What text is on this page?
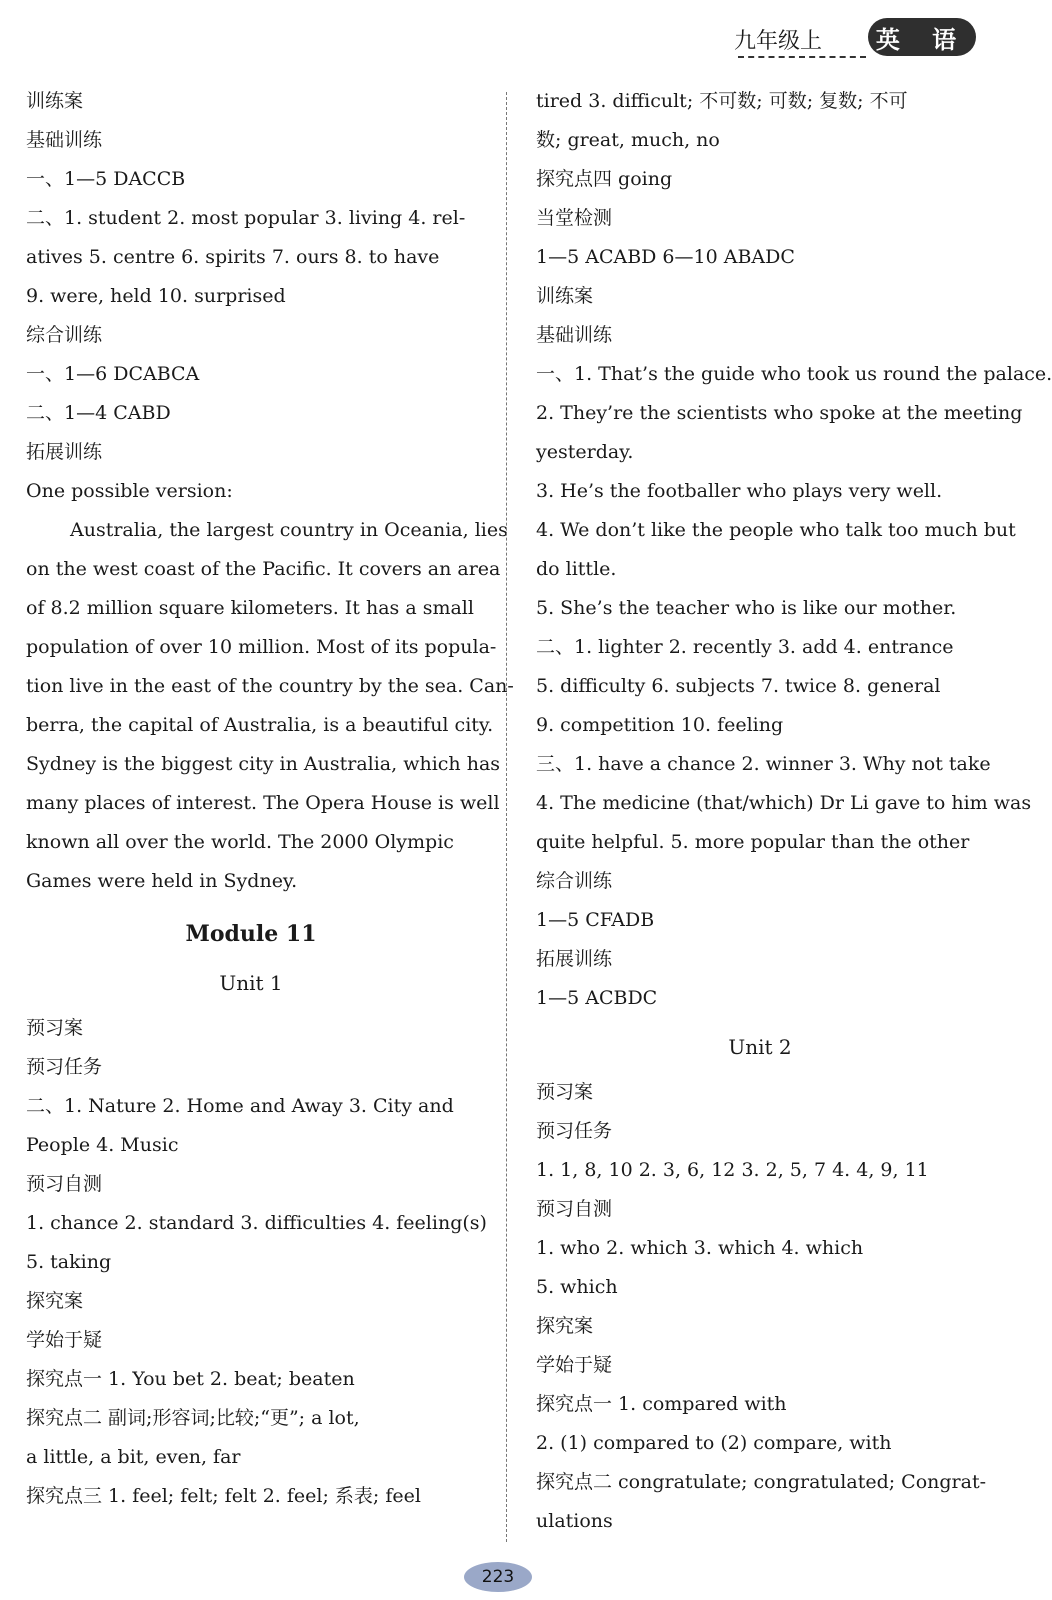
九年级上	英 语
训练案
基础训练
一、1—5 DACCB
二、1. student 2. most popular 3. living 4. rel-
atives 5. centre 6. spirits 7. ours 8. to have
9. were, held 10. surprised
综合训练
一、1—6 DCABCA
二、1—4 CABD
拓展训练
One possible version:
Australia, the largest country in Oceania, lies
on the west coast of the Pacific. It covers an area
of 8.2 million square kilometers. It has a small
population of over 10 million. Most of its popula-
tion live in the east of the country by the sea. Can-
berra, the capital of Australia, is a beautiful city.
Sydney is the biggest city in Australia, which has
many places of interest. The Opera House is well
known all over the world. The 2000 Olympic
Games were held in Sydney.
Module 11
Unit 1
预习案
预习任务
二、1. Nature 2. Home and Away 3. City and
People 4. Music
预习自测
1. chance 2. standard 3. difficulties 4. feeling(s)
5. taking
探究案
学始于疑
探究点一 1. You bet 2. beat; beaten
探究点二 副词;形容词;比较;“更”; a lot,
a little, a bit, even, far
探究点三 1. feel; felt; felt 2. feel; 系表; feel
tired 3. difficult; 不可数; 可数; 复数; 不可
数; great, much, no
探究点四 going
当堂检测
1—5 ACABD 6—10 ABADC
训练案
基础训练
一、1. That’s the guide who took us round the palace.
2. They’re the scientists who spoke at the meeting
yesterday.
3. He’s the footballer who plays very well.
4. We don’t like the people who talk too much but
do little.
5. She’s the teacher who is like our mother.
二、1. lighter 2. recently 3. add 4. entrance
5. difficulty 6. subjects 7. twice 8. general
9. competition 10. feeling
三、1. have a chance 2. winner 3. Why not take
4. The medicine (that/which) Dr Li gave to him was
quite helpful. 5. more popular than the other
综合训练
1—5 CFADB
拓展训练
1—5 ACBDC
Unit 2
预习案
预习任务
1. 1, 8, 10 2. 3, 6, 12 3. 2, 5, 7 4. 4, 9, 11
预习自测
1. who 2. which 3. which 4. which
5. which
探究案
学始于疑
探究点一 1. compared with
2. (1) compared to (2) compare, with
探究点二 congratulate; congratulated; Congrat-
ulations
223
